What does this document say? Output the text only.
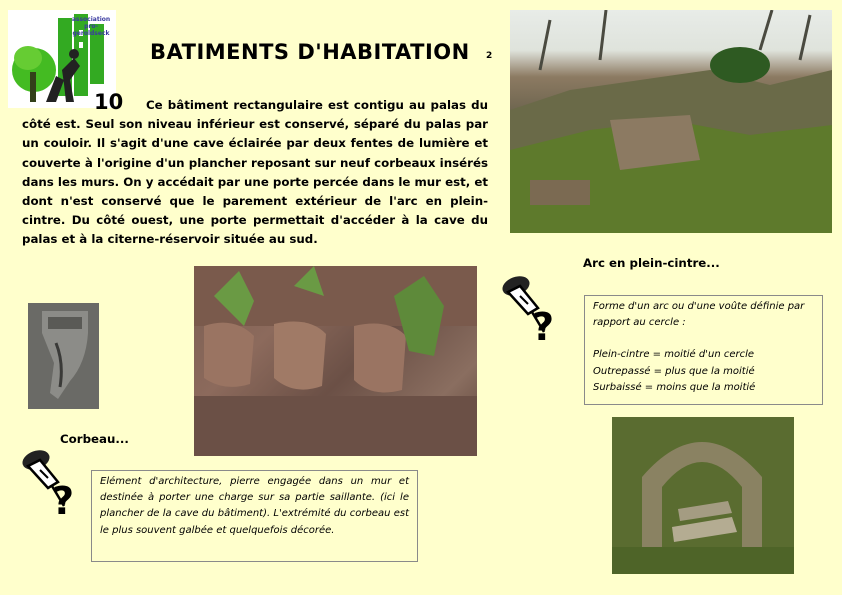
association pro-geroldseck
10
BATIMENTS D'HABITATION 2
Ce bâtiment rectangulaire est contigu au palas du côté est. Seul son niveau inférieur est conservé, séparé du palas par un couloir. Il s'agit d'une cave éclairée par deux fentes de lumière et couverte à l'origine d'un plancher reposant sur neuf corbeaux insérés dans les murs. On y accédait par une porte percée dans le mur est, et dont n'est conservé que le parement extérieur de l'arc en plein-cintre. Du côté ouest, une porte permettait d'accéder à la cave du palas et à la citerne-réservoir située au sud.
Arc en plein-cintre...
Corbeau...
?
?

Forme d'un arc ou d'une voûte définie par rapport au cercle :

Plein-cintre = moitié d'un cercle

Outrepassé = plus que la moitié

Surbaissé = moins que la moitié

Elément d'architecture, pierre engagée dans un mur et destinée à porter une charge sur sa partie saillante. (ici le plancher de la cave du bâtiment). L'extrémité du corbeau est le plus souvent galbée et quelquefois décorée.
